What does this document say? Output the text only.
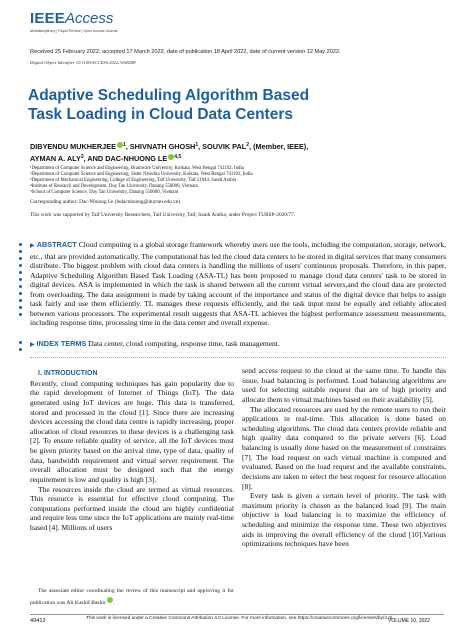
IEEEAccess
Multidisciplinary | Rapid Review | Open Access Journal
Received 25 February 2022, accepted 17 March 2022, date of publication 18 April 2022, date of current version 12 May 2022.
Digital Object Identifier 10.1109/ACCESS.2022.3168288
Adaptive Scheduling Algorithm Based Task Loading in Cloud Data Centers
DIBYENDU MUKHERJEE $^1$, SHIVNATH GHOSH$^1$, SOUVIK PAL$^2$, (Member, IEEE),
AYMAN A. ALY$^3$, AND DAC-NHUONG LE $^{4,5}$
¹Department of Computer Science and Engineering, Brainware University, Kolkata, West Bengal 741102, India
²Department of Computer Science and Engineering, Sister Nivedita University, Kolkata, West Bengal 741101, India
³Department of Mechanical Engineering, College of Engineering, Taif University, Taif 21944, Saudi Arabia
⁴Institute of Research and Development, Duy Tan University, Danang 550000, Vietnam
⁵School of Computer Science, Duy Tan University, Danang 550000, Vietnam
Corresponding author: Dac-Nhuong Le (ledacnhuong@duytan.edu.vn)
This work was supported by Taif University Researchers, Taif University, Taif, Saudi Arabia, under Project TURSP-2020/77.
▶ ABSTRACT Cloud computing is a global storage framework whereby users use the tools, including the computation, storage, network, etc., that are provided automatically. The computational has led the cloud data centers to be stored in digital services that many consumers distribute. The biggest problem with cloud data centers is handling the millions of users' continuous proposals. Therefore, in this paper, Adaptive Scheduling Algorithm Based Task Loading (ASA-TL) has been proposed to manage cloud data centers' task to be stored in digital devices. ASA is implemented in which the task is shared between all the current virtual servers,and the cloud data are protected from overloading. The data assignment is made by taking account of the importance and status of the digital device that helps to assign task fairly and use them efficiently. TL manages these requests efficiently, and the task input must be equally and reliably allocated between various processors. The experimental result suggests that ASA-TL achieves the highest performance assessment measurements, including response time, processing time in the data center and overall expense.
▶ INDEX TERMS Data center, cloud computing, response time, task management.

I. INTRODUCTION

Recently, cloud computing techniques has gain popularity due to the rapid development of Internet of Things (IoT). The data generated using IoT devices are huge. This data is transferred, stored and processed in the cloud [1]. Since there are increasing devices accessing the cloud data centre is rapidly increasing, proper allocation of cloud resources to these devices is a challenging task [2]. To ensure reliable quality of service, all the IoT devices must be given priority based on the arrival time, type of data, quality of data, bandwidth requirement and virtual server requirement. The overall allocation must be designed such that the energy requirement is low and quality is high [3].

The resources inside the cloud are termed as virtual resources. This resource is essential for effective cloud computing. The computations performed inside the cloud are highly confidential and require less time since the IoT applications are mainly real-time based [4]. Millions of users

The associate editor coordinating the review of this manuscript and approving it for publication was Ali Kashif Bashir .

send access request to the cloud at the same time. To handle this issue, load balancing is performed. Load balancing algorithms are used for selecting suitable request that are of high priority and allocate them to virtual machines based on their availability [5].

The allocated resources are used by the remote users to run their applications in real-time. This allocation is done based on scheduling algorithms. The cloud data centers provide reliable and high quality data compared to the private servers [6]. Load balancing is usually done based on the measurement of constraints [7]. The load request on each virtual machine is computed and evaluated. Based on the load request and the available constraints, decisions are taken to select the best request for resource allocation [8].

Every task is given a certain level of priority. The task with maximum priority is chosen as the balanced load [9]. The main objective is load balancing is to maximize the efficiency of scheduling and minimize the response time. These two objectives aids in improving the overall efficiency of the cloud [10].Various optimizations techniques have been

49412	This work is licensed under a Creative Commons Attribution 4.0 License. For more information, see https://creativecommons.org/licenses/by/4.0/
VOLUME 10, 2022
